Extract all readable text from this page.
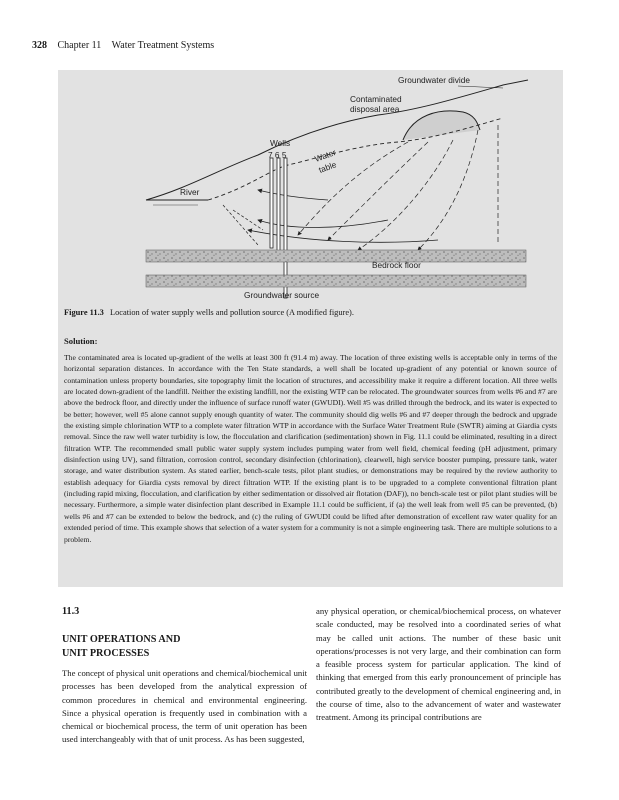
328 Chapter 11 Water Treatment Systems
Groundwater divide
Contaminated
disposal area
Wells
7 6 5	Water
table
River
Bedrock floor
Groundwater source
Figure 11.3 Location of water supply wells and pollution source (A modified figure).
Solution:

The contaminated area is located up-gradient of the wells at least 300 ft (91.4 m) away. The location of three existing wells is acceptable only in terms of the horizontal separation distances. In accordance with the Ten State standards, a well shall be located up-gradient of any potential or known source of contamination unless property boundaries, site topography limit the location of structures, and accessibility make it require a different location. All three wells are located down-gradient of the landfill. Neither the existing landfill, nor the existing WTP can be relocated. The groundwater sources from wells #6 and #7 are above the bedrock floor, and directly under the influence of surface runoff water (GWUDI). Well #5 was drilled through the bedrock, and its water is expected to be better; however, well #5 alone cannot supply enough quantity of water. The community should dig wells #6 and #7 deeper through the bedrock and upgrade the existing simple chlorination WTP to a complete water filtration WTP in accordance with the Surface Water Treatment Rule (SWTR) aiming at Giardia cysts removal. Since the raw well water turbidity is low, the flocculation and clarification (sedimentation) shown in Fig. 11.1 could be eliminated, resulting in a direct filtration WTP. The recommended small public water supply system includes pumping water from well field, chemical feeding (pH adjustment, primary disinfection using UV), sand filtration, corrosion control, secondary disinfection (chlorination), clearwell, high service booster pumping, pressure tank, water storage, and water distribution system. As stated earlier, bench-scale tests, pilot plant studies, or demonstrations may be required by the review authority to establish adequacy for Giardia cysts removal by direct filtration WTP. If the existing plant is to be upgraded to a complete conventional filtration plant (including rapid mixing, flocculation, and clarification by either sedimentation or dissolved air flotation (DAF)), no bench-scale test or pilot plant studies will be necessary. Furthermore, a simple water disinfection plant described in Example 11.1 could be sufficient, if (a) the well leak from well #5 can be prevented, (b) wells #6 and #7 can be extended to below the bedrock, and (c) the ruling of GWUDI could be lifted after demonstration of excellent raw water quality for an extended period of time. This example shows that selection of a water system for a community is not a simple engineering task. There are multiple solutions to a problem.

11.3

UNIT OPERATIONS AND
UNIT PROCESSES

The concept of physical unit operations and chemical/biochemical unit processes has been developed from the analytical expression of common procedures in chemical and environmental engineering. Since a physical operation is frequently used in combination with a chemical or biochemical process, the term of unit operation has been used interchangeably with that of unit process. As has been suggested,

any physical operation, or chemical/biochemical process, on whatever scale conducted, may be resolved into a coordinated series of what may be called unit actions. The number of these basic unit operations/processes is not very large, and their combination can form a feasible process system for particular application. The kind of thinking that emerged from this early pronouncement of principle has contributed greatly to the development of chemical engineering and, in the course of time, also to the advancement of water and wastewater treatment. Among its principal contributions are
